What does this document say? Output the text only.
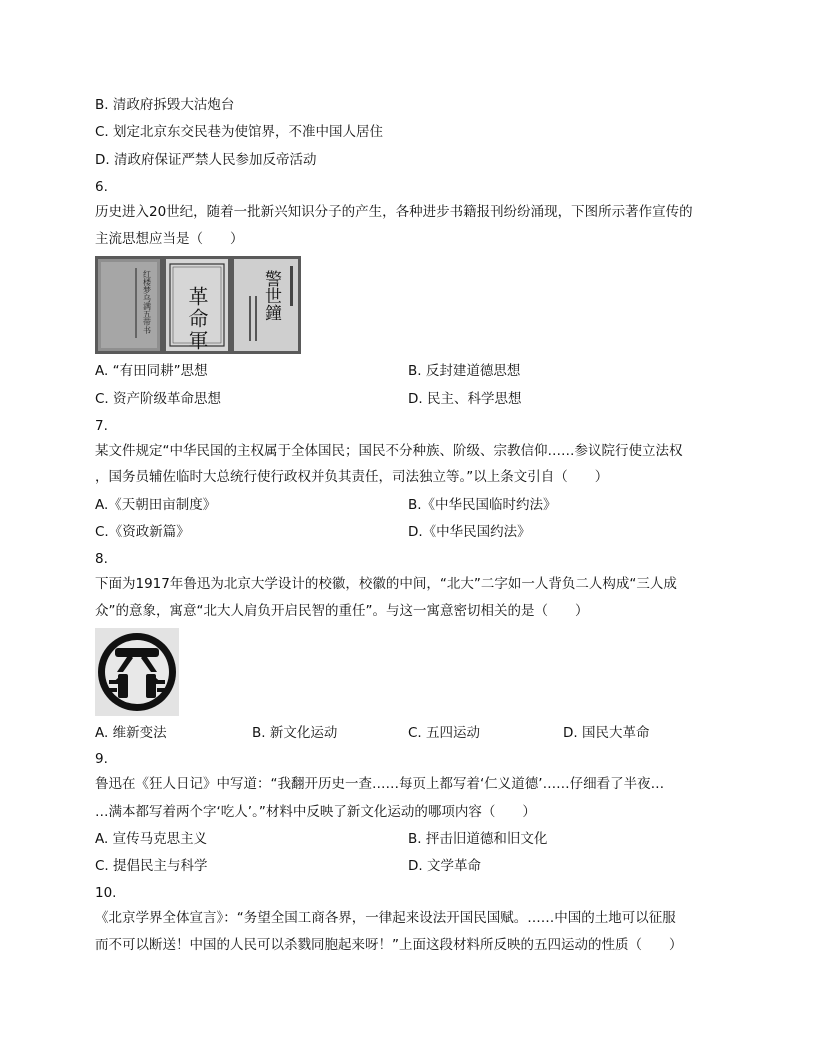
B. 清政府拆毁大沽炮台
C. 划定北京东交民巷为使馆界，不准中国人居住
D. 清政府保证严禁人民参加反帝活动
6.
历史进入20世纪，随着一批新兴知识分子的产生，各种进步书籍报刊纷纷涌现，下图所示著作宣传的
主流思想应当是（　　）
红楼梦乌满五带书 革命軍	警世鐘
A. “有田同耕”思想	B. 反封建道德思想
C. 资产阶级革命思想	D. 民主、科学思想
7.
某文件规定“中华民国的主权属于全体国民；国民不分种族、阶级、宗教信仰……参议院行使立法权
，国务员辅佐临时大总统行使行政权并负其责任，司法独立等。”以上条文引自（　　）
A.《天朝田亩制度》	B.《中华民国临时约法》
C.《资政新篇》	D.《中华民国约法》
8.
下面为1917年鲁迅为北京大学设计的校徽，校徽的中间，“北大”二字如一人背负二人构成“三人成
众”的意象，寓意“北大人肩负开启民智的重任”。与这一寓意密切相关的是（　　）
A. 维新变法	B. 新文化运动	C. 五四运动	D. 国民大革命
9.
鲁迅在《狂人日记》中写道：“我翻开历史一查……每页上都写着‘仁义道德’……仔细看了半夜…
…满本都写着两个字‘吃人’。”材料中反映了新文化运动的哪项内容（　　）
A. 宣传马克思主义	B. 抨击旧道德和旧文化
C. 提倡民主与科学	D. 文学革命
10.
《北京学界全体宣言》：“务望全国工商各界，一律起来设法开国民国赋。……中国的土地可以征服
而不可以断送！中国的人民可以杀戮同胞起来呀！”上面这段材料所反映的五四运动的性质（　　）
